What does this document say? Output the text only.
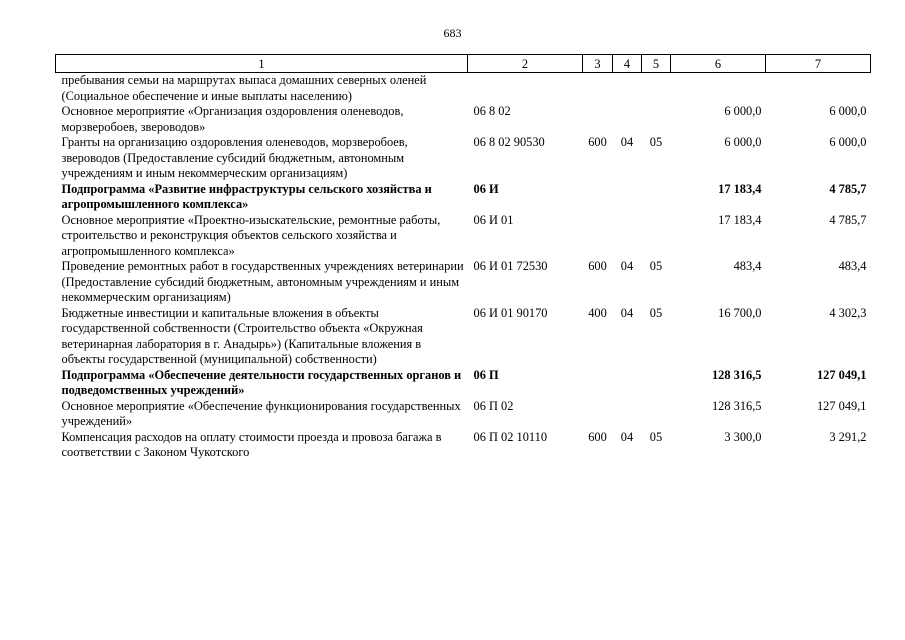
683
1	2	3	4	5	6	7
пребывания семьи на маршрутах выпаса домашних северных оленей (Социальное обеспечение и иные выплаты населению)						
Основное мероприятие «Организация оздоровления оленеводов, морзверобоев, звероводов»	06 8 02				6 000,0	6 000,0
Гранты на организацию оздоровления оленеводов, морзверобоев, звероводов (Предоставление субсидий бюджетным, автономным учреждениям и иным некоммерческим организациям)	06 8 02 90530	600	04	05	6 000,0	6 000,0
Подпрограмма «Развитие инфраструктуры сельского хозяйства и агропромышленного комплекса»	06 И				17 183,4	4 785,7
Основное мероприятие «Проектно-изыскательские, ремонтные работы, строительство и реконструкция объектов сельского хозяйства и агропромышленного комплекса»	06 И 01				17 183,4	4 785,7
Проведение ремонтных работ в государственных учреждениях ветеринарии (Предоставление субсидий бюджетным, автономным учреждениям и иным некоммерческим организациям)	06 И 01 72530	600	04	05	483,4	483,4
Бюджетные инвестиции и капитальные вложения в объекты государственной собственности (Строительство объекта «Окружная ветеринарная лаборатория в г. Анадырь») (Капитальные вложения в объекты государственной (муниципальной) собственности)	06 И 01 90170	400	04	05	16 700,0	4 302,3
Подпрограмма «Обеспечение деятельности государственных органов и подведомственных учреждений»	06 П				128 316,5	127 049,1
Основное мероприятие «Обеспечение функционирования государственных учреждений»	06 П 02				128 316,5	127 049,1
Компенсация расходов на оплату стоимости проезда и провоза багажа в соответствии с Законом Чукотского	06 П 02 10110	600	04	05	3 300,0	3 291,2
